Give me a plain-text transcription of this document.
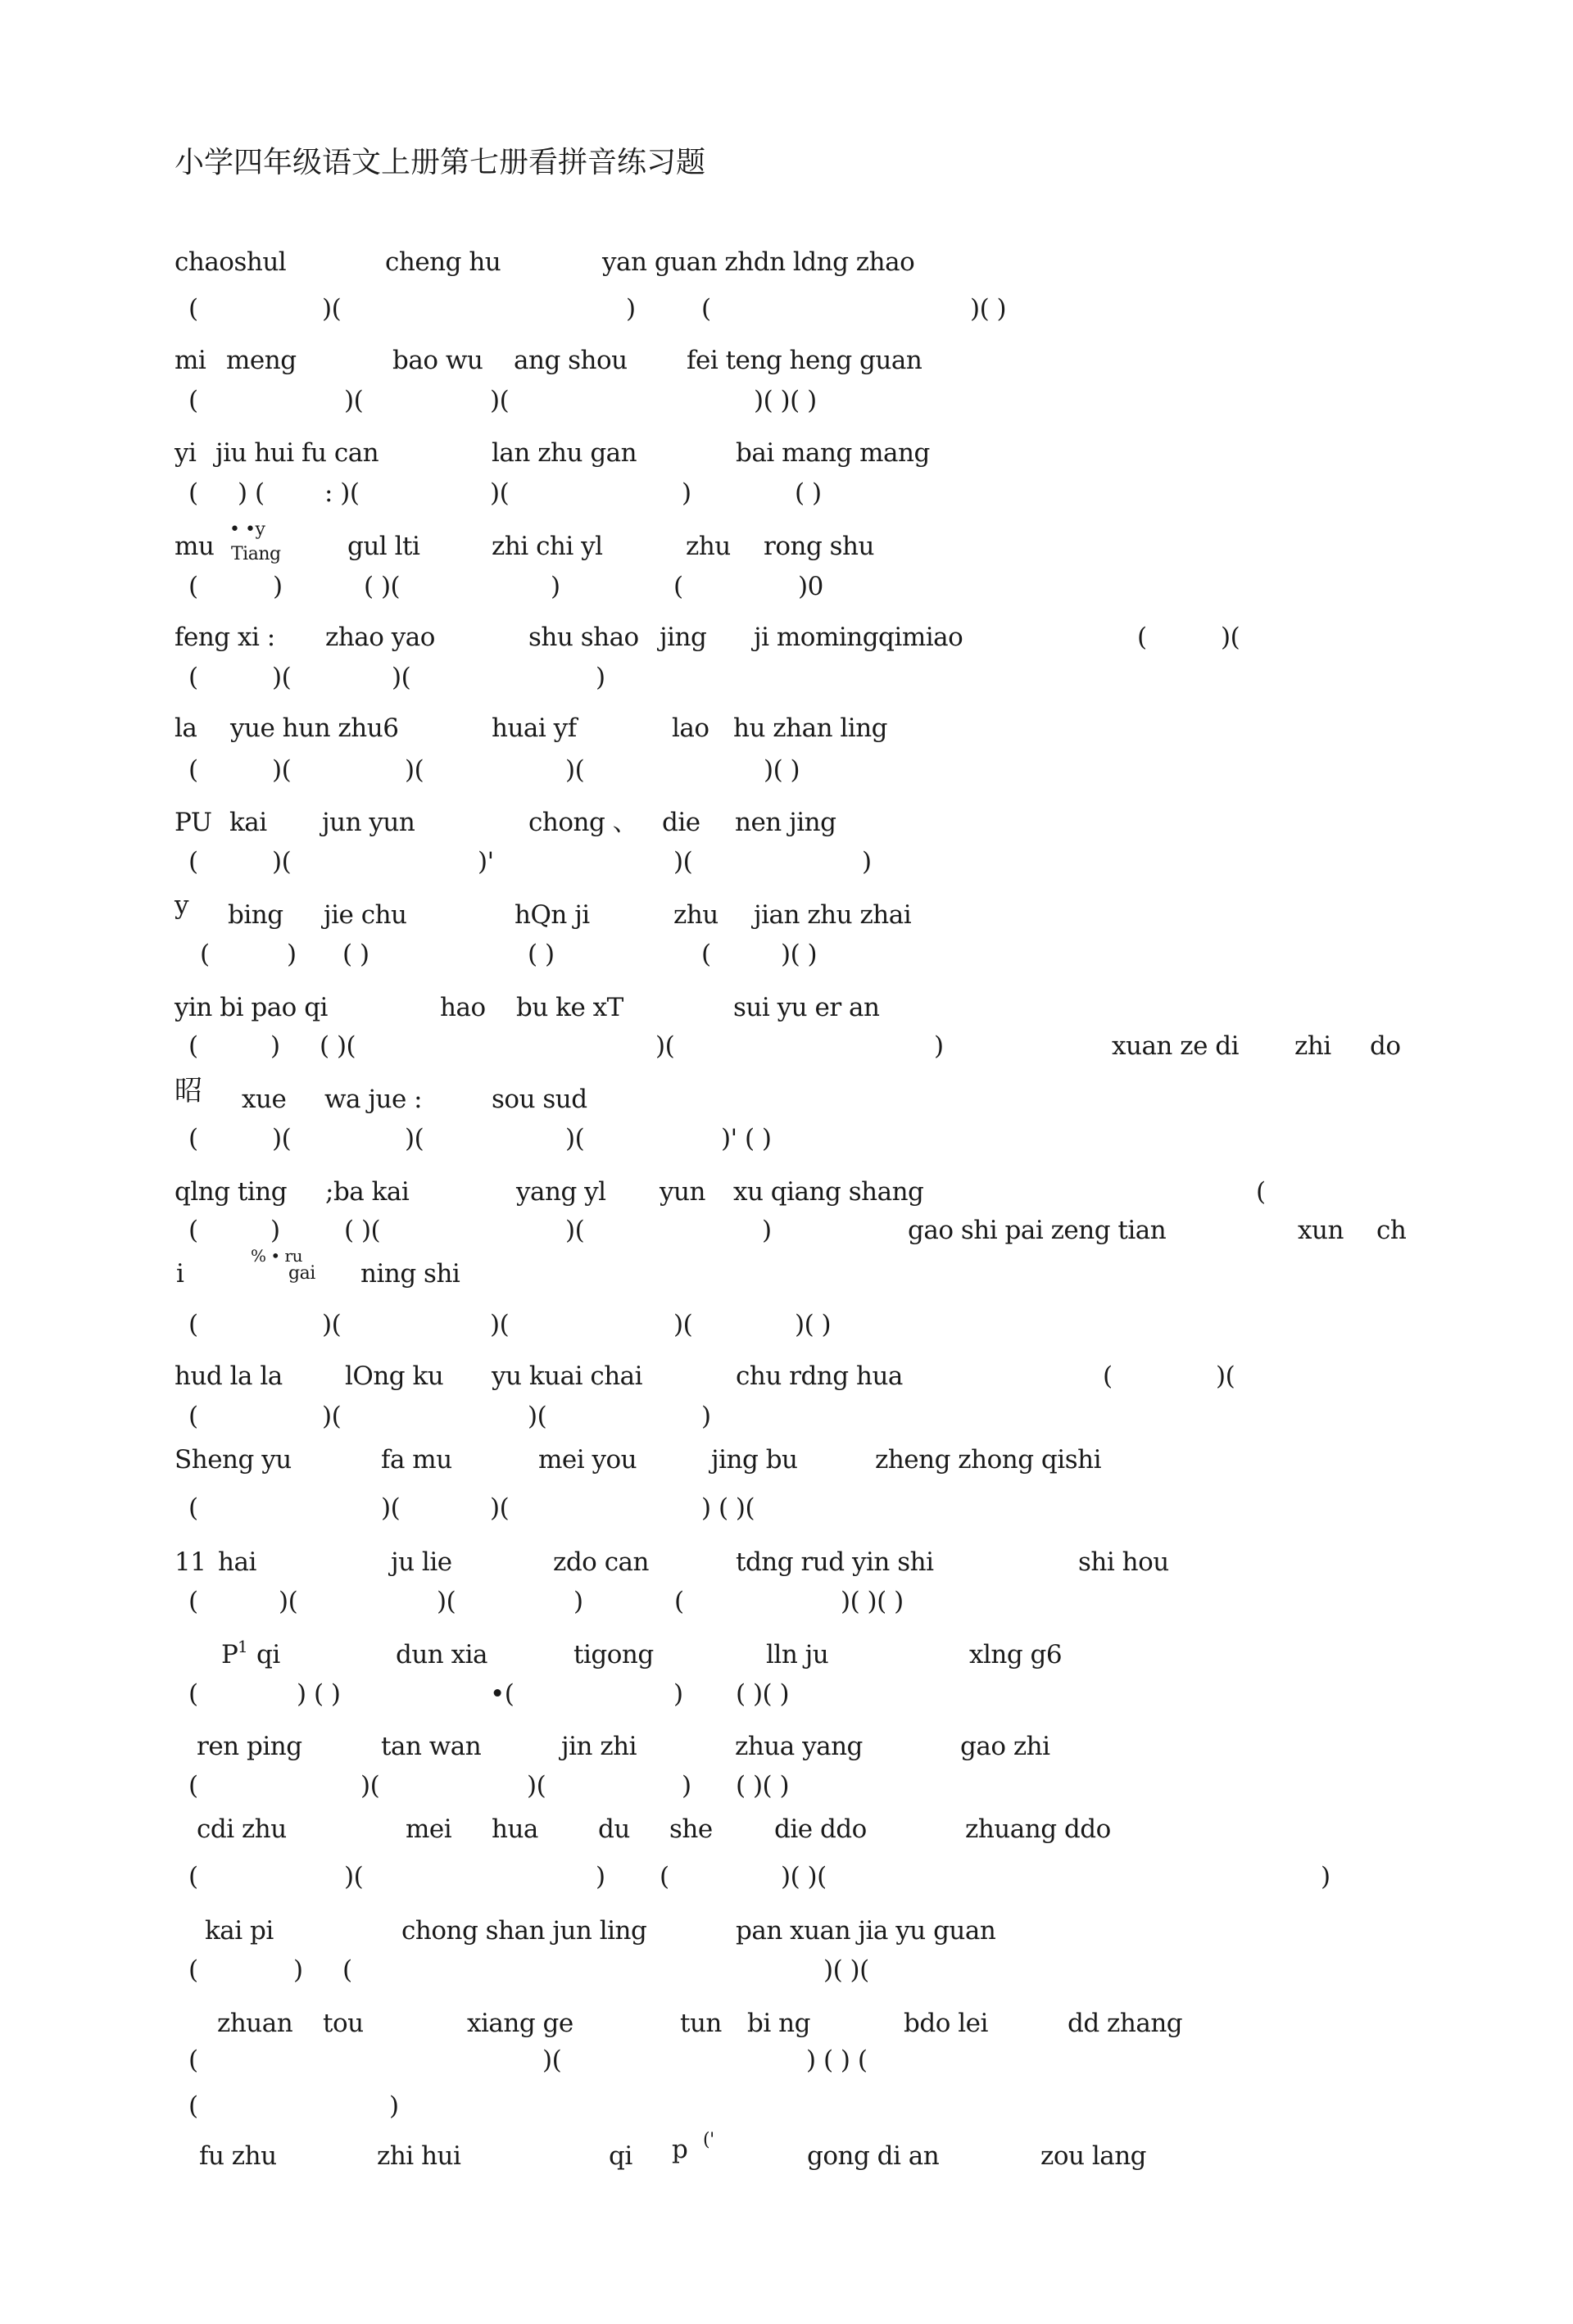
小学四年级语文上册第七册看拼音练习题
chaoshul	cheng hu	yan guan zhdn ldng zhao
(	)(	)	(	)( )
mi meng	bao wu ang shou fei teng heng guan
(	)(	)(	)( )( )
yi jiu hui fu can	lan zhu gan	bai mang mang
( ) ( : )(	)(	)	( )
mu
• •y
Tiang	gul lti	zhi chi yl	zhu rong shu
(	)	( )(	)	(	)0
feng xi : zhao yao	shu shao jing ji momingqimiao	(	)(
(	)(	)(	)
la yue hun zhu6	huai yf	lao hu zhan ling
(	)(	)(	)(	)( )
PU kai jun yun	chong 、 die nen jing
(	)(	)'	)(	)
y bing jie chu	hQn ji	zhu jian zhu zhai
(	) ( )	( )	(	)( )
yin bi pao qi	hao bu ke xT	sui yu er an
(	) ( )(	)(	)	xuan ze di zhi do
昭 xue wa jue :	sou sud
(	)(	)(	)(	)' ( )
qlng ting ;ba kai	yang yl yun xu qiang shang	(
(	)	( )(	)(	)	gao shi pai zeng tian	xun ch
i
% • ru
gai ning shi
(	)(	)(	)(	)( )
hud la la lOng ku yu kuai chai	chu rdng hua	(	)(
(	)(	)(	)
Sheng yu	fa mu	mei you	jing bu	zheng zhong qishi
(	)(	)(	) ( )(
11 hai	ju lie	zdo can	tdng rud yin shi	shi hou
(	)(	)(	)	(	)( )( )
P 1 qi	dun xia	tigong	lln ju	xlng g6
(	) ( )	•(	) ( )( )
ren ping	tan wan	jin zhi	zhua yang	gao zhi
(	)(	)(	) ( )( )
cdi zhu	mei hua du she die ddo	zhuang ddo
(	)(	) (	)( )(	)
kai pi	chong shan jun ling	pan xuan jia yu guan
(	) (	)( )(
zhuan tou	xiang ge	tun bi ng	bdo lei	dd zhang
(	)(	) ( ) (
(	)
fu zhu	zhi hui	qi p ('
gong di an	zou lang
